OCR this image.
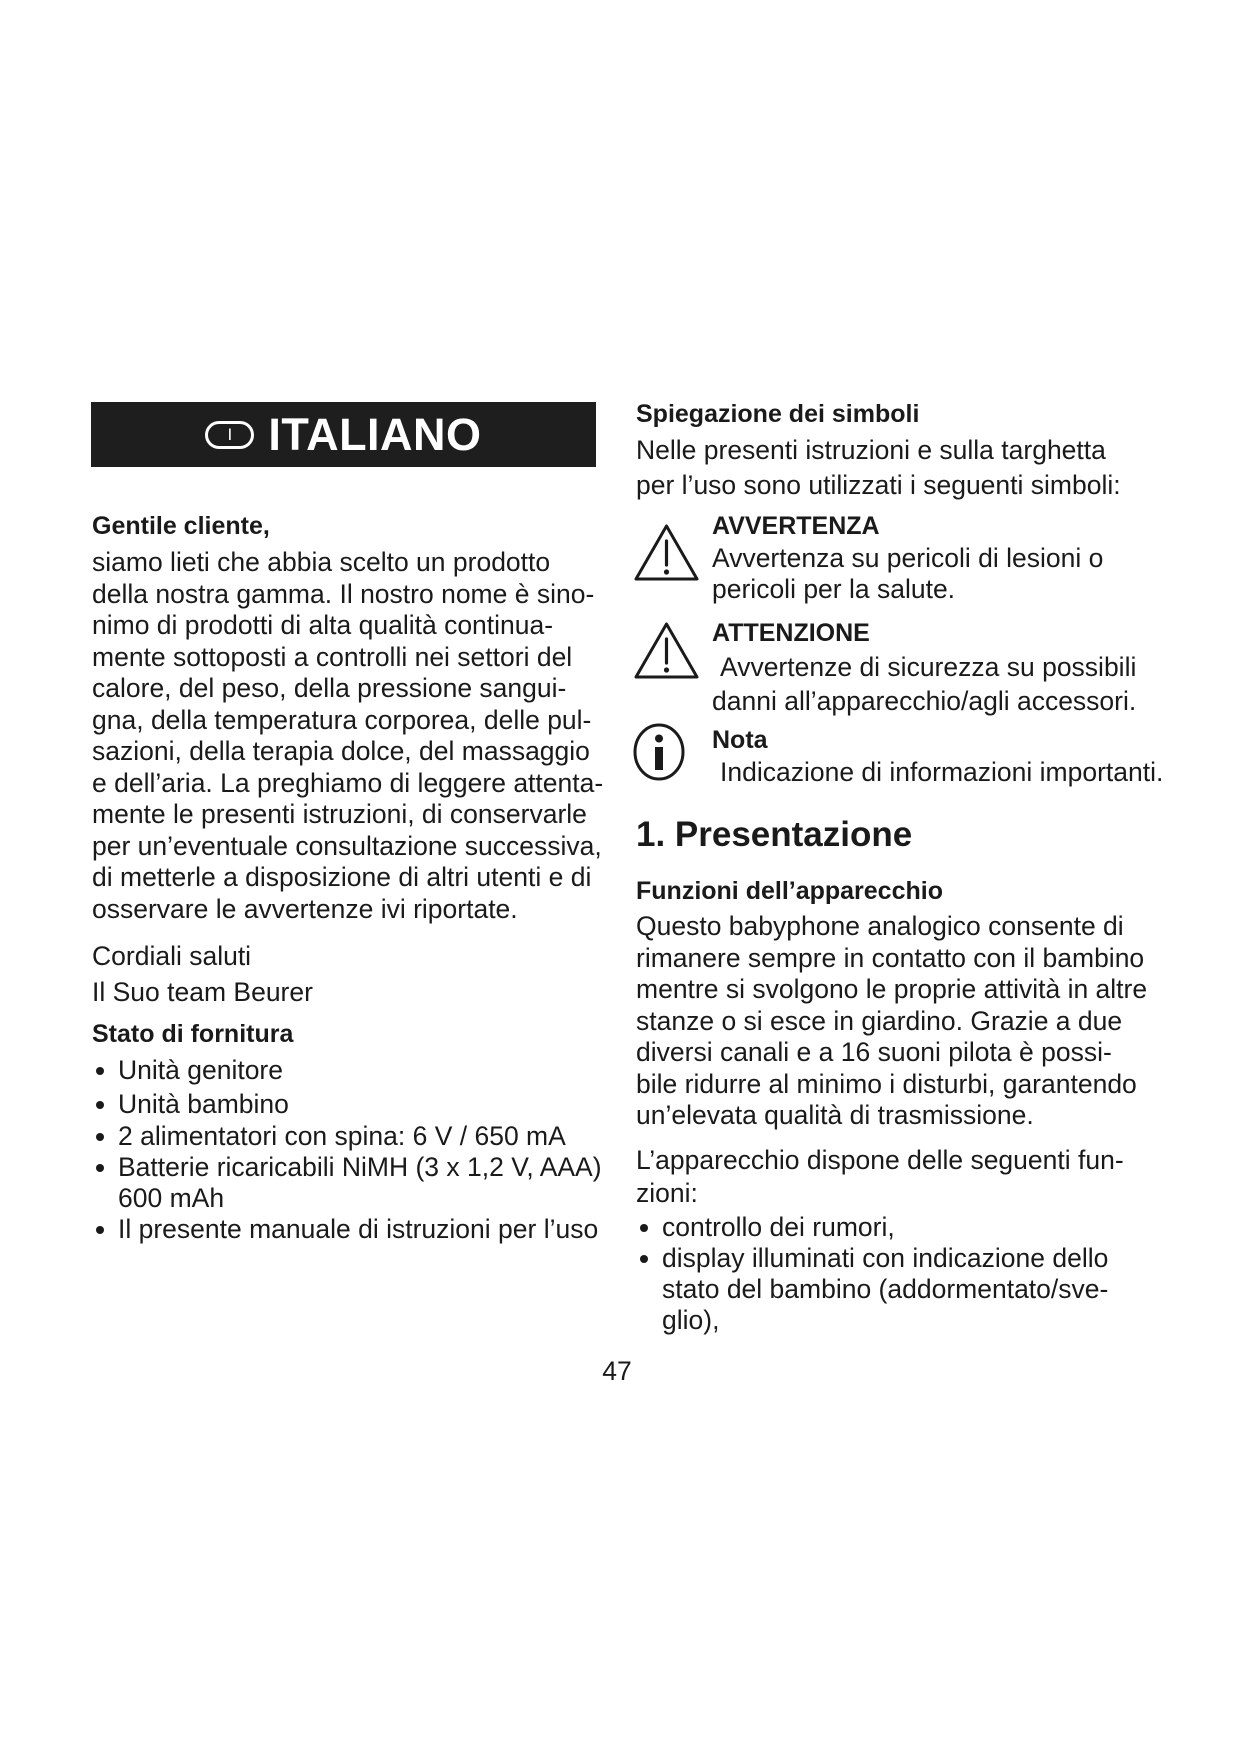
I ITALIANO
Gentile cliente,
siamo lieti che abbia scelto un prodotto
della nostra gamma. Il nostro nome è sino-
nimo di prodotti di alta qualità continua-
mente sottoposti a controlli nei settori del
calore, del peso, della pressione sangui-
gna, della temperatura corporea, delle pul-
sazioni, della terapia dolce, del massaggio
e dell’aria. La preghiamo di leggere attenta-
mente le presenti istruzioni, di conservarle
per un’eventuale consultazione successiva,
di metterle a disposizione di altri utenti e di
osservare le avvertenze ivi riportate.
Cordiali saluti
Il Suo team Beurer
Stato di fornitura
Unità genitore
Unità bambino
2 alimentatori con spina: 6 V / 650 mA
Batterie ricaricabili NiMH (3 x 1,2 V, AAA)
600 mAh
Il presente manuale di istruzioni per l’uso
Spiegazione dei simboli
Nelle presenti istruzioni e sulla targhetta
per l’uso sono utilizzati i seguenti simboli:
AVVERTENZA
Avvertenza su pericoli di lesioni o
pericoli per la salute.
ATTENZIONE
Avvertenze di sicurezza su possibili
danni all’apparecchio/agli accessori.
Nota
Indicazione di informazioni importanti.
1. Presentazione
Funzioni dell’apparecchio
Questo babyphone analogico consente di
rimanere sempre in contatto con il bambino
mentre si svolgono le proprie attività in altre
stanze o si esce in giardino. Grazie a due
diversi canali e a 16 suoni pilota è possi-
bile ridurre al minimo i disturbi, garantendo
un’elevata qualità di trasmissione.
L’apparecchio dispone delle seguenti fun-
zioni:
controllo dei rumori,
display illuminati con indicazione dello
stato del bambino (addormentato/sve-
glio),
47
